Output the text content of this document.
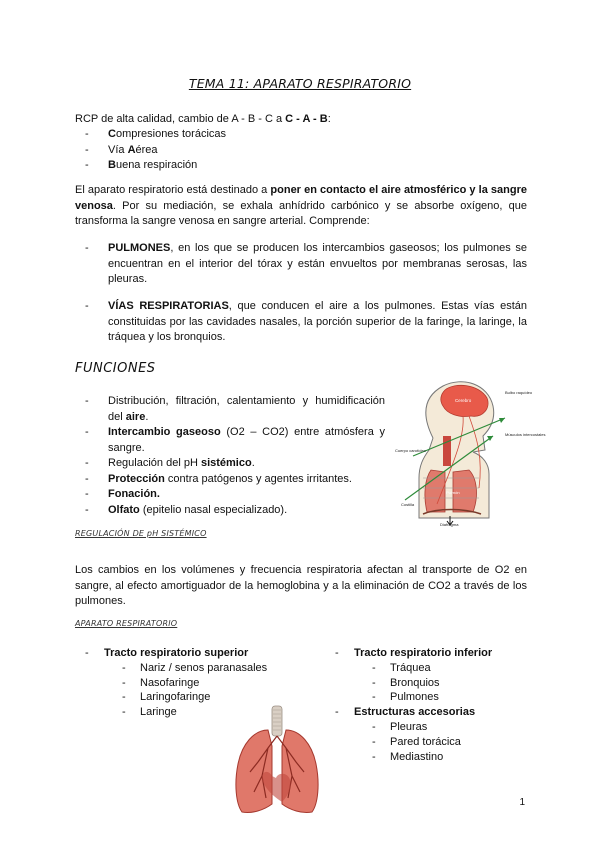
TEMA 11: APARATO RESPIRATORIO
RCP de alta calidad, cambio de A - B - C a C - A - B:
- Compresiones torácicas
- Vía Aérea
- Buena respiración
El aparato respiratorio está destinado a poner en contacto el aire atmosférico y la sangre venosa. Por su mediación, se exhala anhídrido carbónico y se absorbe oxígeno, que transforma la sangre venosa en sangre arterial. Comprende:
- PULMONES, en los que se producen los intercambios gaseosos; los pulmones se encuentran en el interior del tórax y están envueltos por membranas serosas, las pleuras.
- VÍAS RESPIRATORIAS, que conducen el aire a los pulmones. Estas vías están constituidas por las cavidades nasales, la porción superior de la faringe, la laringe, la tráquea y los bronquios.
FUNCIONES
- Distribución, filtración, calentamiento y humidificación del aire.
- Intercambio gaseoso (O2 – CO2) entre atmósfera y sangre.
- Regulación del pH sistémico.
- Protección contra patógenos y agentes irritantes.
- Fonación.
- Olfato (epitelio nasal especializado).
Cerebro
Bulbo raquídeo
Músculos intercostales
Cuerpo carotídeo
Costilla
Pulmón
Diafragma
REGULACIÓN DE pH SISTÉMICO
Los cambios en los volúmenes y frecuencia respiratoria afectan al transporte de O2 en sangre, al efecto amortiguador de la hemoglobina y a la eliminación de CO2 a través de los pulmones.
APARATO RESPIRATORIO
- Tracto respiratorio superior
- Nariz / senos paranasales
- Nasofaringe
- Laringofaringe
- Laringe
- Tracto respiratorio inferior
- Tráquea
- Bronquios
- Pulmones
- Estructuras accesorias
- Pleuras
- Pared torácica
- Mediastino
1
